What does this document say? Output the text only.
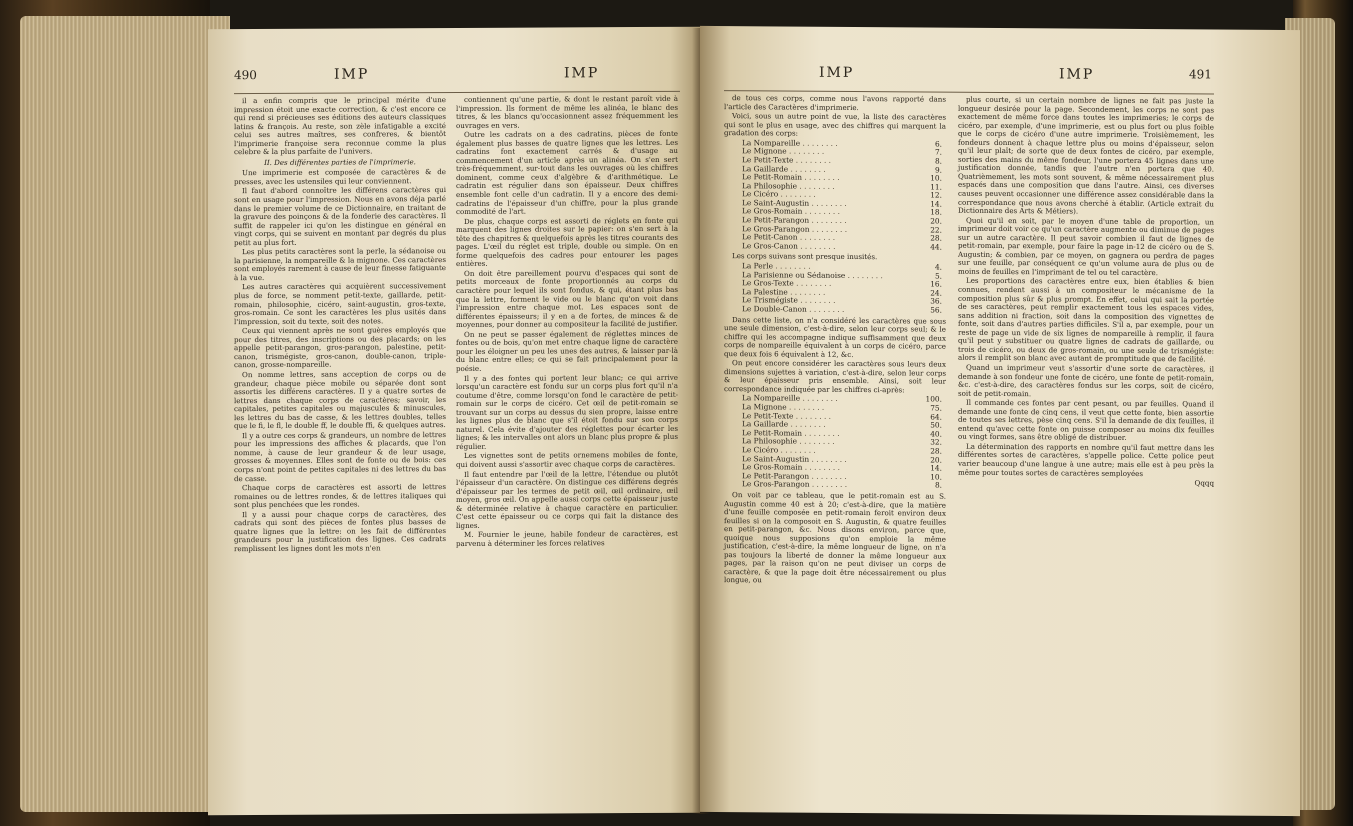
490	IMP	IMP

il a enfin compris que le principal mérite d'une impression étoit une exacte correction, & c'est encore ce qui rend si précieuses ses éditions des auteurs classiques latins & françois. Au reste, son zèle infatigable a excité celui ses autres maîtres, ses confreres, & bientôt l'imprimerie françoise sera reconnue comme la plus celebre & la plus parfaite de l'univers.

II. Des différentes parties de l'imprimerie.

Une imprimerie est composée de caractères & de presses, avec les ustensiles qui leur conviennent.

Il faut d'abord connoître les différens caractères qui sont en usage pour l'impression. Nous en avons déja parlé dans le premier volume de ce Dictionnaire, en traitant de la gravure des poinçons & de la fonderie des caractères. Il suffit de rappeler ici qu'on les distingue en général en vingt corps, qui se suivent en montant par degrés du plus petit au plus fort.

Les plus petits caractères sont la perle, la sédanoise ou la parisienne, la nompareille & la mignone. Ces caractères sont employés rarement à cause de leur finesse fatiguante à la vue.

Les autres caractères qui acquièrent successivement plus de force, se nomment petit-texte, gaillarde, petit-romain, philosophie, cicéro, saint-augustin, gros-texte, gros-romain. Ce sont les caractères les plus usités dans l'impression, soit du texte, soit des notes.

Ceux qui viennent après ne sont guères employés que pour des titres, des inscriptions ou des placards; on les appelle petit-parangon, gros-parangon, palestine, petit-canon, trismégiste, gros-canon, double-canon, triple-canon, grosse-nompareille.

On nomme lettres, sans acception de corps ou de grandeur, chaque pièce mobile ou séparée dont sont assortis les différens caractères. Il y a quatre sortes de lettres dans chaque corps de caractères; savoir, les capitales, petites capitales ou majuscules & minuscules, les lettres du bas de casse, & les lettres doubles, telles que le ﬁ, le ﬂ, le double ﬀ, le double ﬃ, & quelques autres.

Il y a outre ces corps & grandeurs, un nombre de lettres pour les impressions des affiches & placards, que l'on nomme, à cause de leur grandeur & de leur usage, grosses & moyennes. Elles sont de fonte ou de bois: ces corps n'ont point de petites capitales ni des lettres du bas de casse.

Chaque corps de caractères est assorti de lettres romaines ou de lettres rondes, & de lettres italiques qui sont plus penchées que les rondes.

Il y a aussi pour chaque corps de caractères, des cadrats qui sont des pièces de fontes plus basses de quatre lignes que la lettre: on les fait de différentes grandeurs pour la justification des lignes. Ces cadrats remplissent les lignes dont les mots n'en

contiennent qu'une partie, & dont le restant paroît vide à l'impression. Ils forment de même les alinéa, le blanc des titres, & les blancs qu'occasionnent assez fréquemment les ouvrages en vers.

Outre les cadrats on a des cadratins, pièces de fonte également plus basses de quatre lignes que les lettres. Les cadratins font exactement carrés & d'usage au commencement d'un article après un alinéa. On s'en sert très-fréquemment, sur-tout dans les ouvrages où les chiffres dominent, comme ceux d'algèbre & d'arithmétique. Le cadratin est régulier dans son épaisseur. Deux chiffres ensemble font celle d'un cadratin. Il y a encore des demi-cadratins de l'épaisseur d'un chiffre, pour la plus grande commodité de l'art.

De plus, chaque corps est assorti de réglets en fonte qui marquent des lignes droites sur le papier: on s'en sert à la tête des chapitres & quelquefois après les titres courants des pages. L'œil du réglet est triple, double ou simple. On en forme quelquefois des cadres pour entourer les pages entières.

On doit être pareillement pourvu d'espaces qui sont de petits morceaux de fonte proportionnés au corps du caractère pour lequel ils sont fondus, & qui, étant plus bas que la lettre, forment le vide ou le blanc qu'on voit dans l'impression entre chaque mot. Les espaces sont de différentes épaisseurs; il y en a de fortes, de minces & de moyennes, pour donner au compositeur la facilité de justifier.

On ne peut se passer également de réglettes minces de fontes ou de bois, qu'on met entre chaque ligne de caractère pour les éloigner un peu les unes des autres, & laisser par-là du blanc entre elles; ce qui se fait principalement pour la poésie.

Il y a des fontes qui portent leur blanc; ce qui arrive lorsqu'un caractère est fondu sur un corps plus fort qu'il n'a coutume d'être, comme lorsqu'on fond le caractère de petit-romain sur le corps de cicéro. Cet œil de petit-romain se trouvant sur un corps au dessus du sien propre, laisse entre les lignes plus de blanc que s'il étoit fondu sur son corps naturel. Cela évite d'ajouter des réglettes pour écarter les lignes; & les intervalles ont alors un blanc plus propre & plus régulier.

Les vignettes sont de petits ornemens mobiles de fonte, qui doivent aussi s'assortir avec chaque corps de caractères.

Il faut entendre par l'œil de la lettre, l'étendue ou plutôt l'épaisseur d'un caractère. On distingue ces différens degrés d'épaisseur par les termes de petit œil, œil ordinaire, œil moyen, gros œil. On appelle aussi corps cette épaisseur juste & déterminée relative à chaque caractère en particulier. C'est cette épaisseur ou ce corps qui fait la distance des lignes.

M. Fournier le jeune, habile fondeur de caractères, est parvenu à déterminer les forces relatives

IMP	IMP	491

de tous ces corps, comme nous l'avons rapporté dans l'article des Caractères d'imprimerie.

Voici, sous un autre point de vue, la liste des caractères qui sont le plus en usage, avec des chiffres qui marquent la gradation des corps:

La Nompareille . . .	6.
Le Mignone . . .	7.
Le Petit-Texte . . .	8.
La Gaillarde . . .	9.
Le Petit-Romain . . .	10.
La Philosophie . . .	11.
Le Cicéro . . .	12.
Le Saint-Augustin . . .	14.
Le Gros-Romain . . .	18.
Le Petit-Parangon . . .	20.
Le Gros-Parangon . . .	22.
Le Petit-Canon . . .	28.
Le Gros-Canon . . .	44.

Les corps suivans sont presque inusités.

La Perle . . .	4.
La Parisienne ou Sédanoise . . .	5.
Le Gros-Texte . . .	16.
La Palestine . . .	24.
Le Trismégiste . . .	36.
Le Double-Canon . . .	56.

Dans cette liste, on n'a considéré les caractères que sous une seule dimension, c'est-à-dire, selon leur corps seul; & le chiffre qui les accompagne indique suffisamment que deux corps de nompareille équivalent à un corps de cicéro, parce que deux fois 6 équivalent à 12, &c.

On peut encore considérer les caractères sous leurs deux dimensions sujettes à variation, c'est-à-dire, selon leur corps & leur épaisseur pris ensemble. Ainsi, soit leur correspondance indiquée par les chiffres ci-après:

La Nompareille . . .	100.
La Mignone . . .	75.
Le Petit-Texte . . .	64.
La Gaillarde . . .	50.
Le Petit-Romain . . .	40.
La Philosophie . . .	32.
Le Cicéro . . .	28.
Le Saint-Augustin . . .	20.
Le Gros-Romain . . .	14.
Le Petit-Parangon . . .	10.
Le Gros-Parangon . . .	8.

On voit par ce tableau, que le petit-romain est au S. Augustin comme 40 est à 20; c'est-à-dire, que la matière d'une feuille composée en petit-romain feroit environ deux feuilles si on la composoit en S. Augustin, & quatre feuilles en petit-parangon, &c. Nous disons environ, parce que, quoique nous supposions qu'on emploie la même justification, c'est-à-dire, la même longueur de ligne, on n'a pas toujours la liberté de donner la même longueur aux pages, par la raison qu'on ne peut diviser un corps de caractère, & que la page doit être nécessairement ou plus longue, ou

plus courte, si un certain nombre de lignes ne fait pas juste la longueur desirée pour la page. Secondement, les corps ne sont pas exactement de même force dans toutes les imprimeries; le corps de cicéro, par exemple, d'une imprimerie, est ou plus fort ou plus foible que le corps de cicéro d'une autre imprimerie. Troisièmement, les fondeurs donnent à chaque lettre plus ou moins d'épaisseur, selon qu'il leur plaît; de sorte que de deux fontes de cicéro, par exemple, sorties des mains du même fondeur, l'une portera 45 lignes dans une justification donnée, tandis que l'autre n'en portera que 40. Quatrièmement, les mots sont souvent, & même nécessairement plus espacés dans une composition que dans l'autre. Ainsi, ces diverses causes peuvent occasionner une différence assez considérable dans la correspondance que nous avons cherché à établir. (Article extrait du Dictionnaire des Arts & Métiers).

Quoi qu'il en soit, par le moyen d'une table de proportion, un imprimeur doit voir ce qu'un caractère augmente ou diminue de pages sur un autre caractère. Il peut savoir combien il faut de lignes de petit-romain, par exemple, pour faire la page in-12 de cicéro ou de S. Augustin; & combien, par ce moyen, on gagnera ou perdra de pages sur une feuille, par conséquent ce qu'un volume aura de plus ou de moins de feuilles en l'imprimant de tel ou tel caractère.

Les proportions des caractères entre eux, bien établies & bien connues, rendent aussi à un compositeur le mécanisme de la composition plus sûr & plus prompt. En effet, celui qui sait la portée de ses caractères, peut remplir exactement tous les espaces vides, sans addition ni fraction, soit dans la composition des vignettes de fonte, soit dans d'autres parties difficiles. S'il a, par exemple, pour un reste de page un vide de six lignes de nompareille à remplir, il faura qu'il peut y substituer ou quatre lignes de cadrats de gaillarde, ou trois de cicéro, ou deux de gros-romain, ou une seule de trismégiste: alors il remplit son blanc avec autant de promptitude que de facilité.

Quand un imprimeur veut s'assortir d'une sorte de caractères, il demande à son fondeur une fonte de cicéro, une fonte de petit-romain, &c. c'est-à-dire, des caractères fondus sur les corps, soit de cicéro, soit de petit-romain.

Il commande ces fontes par cent pesant, ou par feuilles. Quand il demande une fonte de cinq cens, il veut que cette fonte, bien assortie de toutes ses lettres, pèse cinq cens. S'il la demande de dix feuilles, il entend qu'avec cette fonte on puisse composer au moins dix feuilles ou vingt formes, sans être obligé de distribuer.

La détermination des rapports en nombre qu'il faut mettre dans les différentes sortes de caractères, s'appelle police. Cette police peut varier beaucoup d'une langue à une autre; mais elle est à peu près la même pour toutes sortes de caractères semployées

Qqqq
